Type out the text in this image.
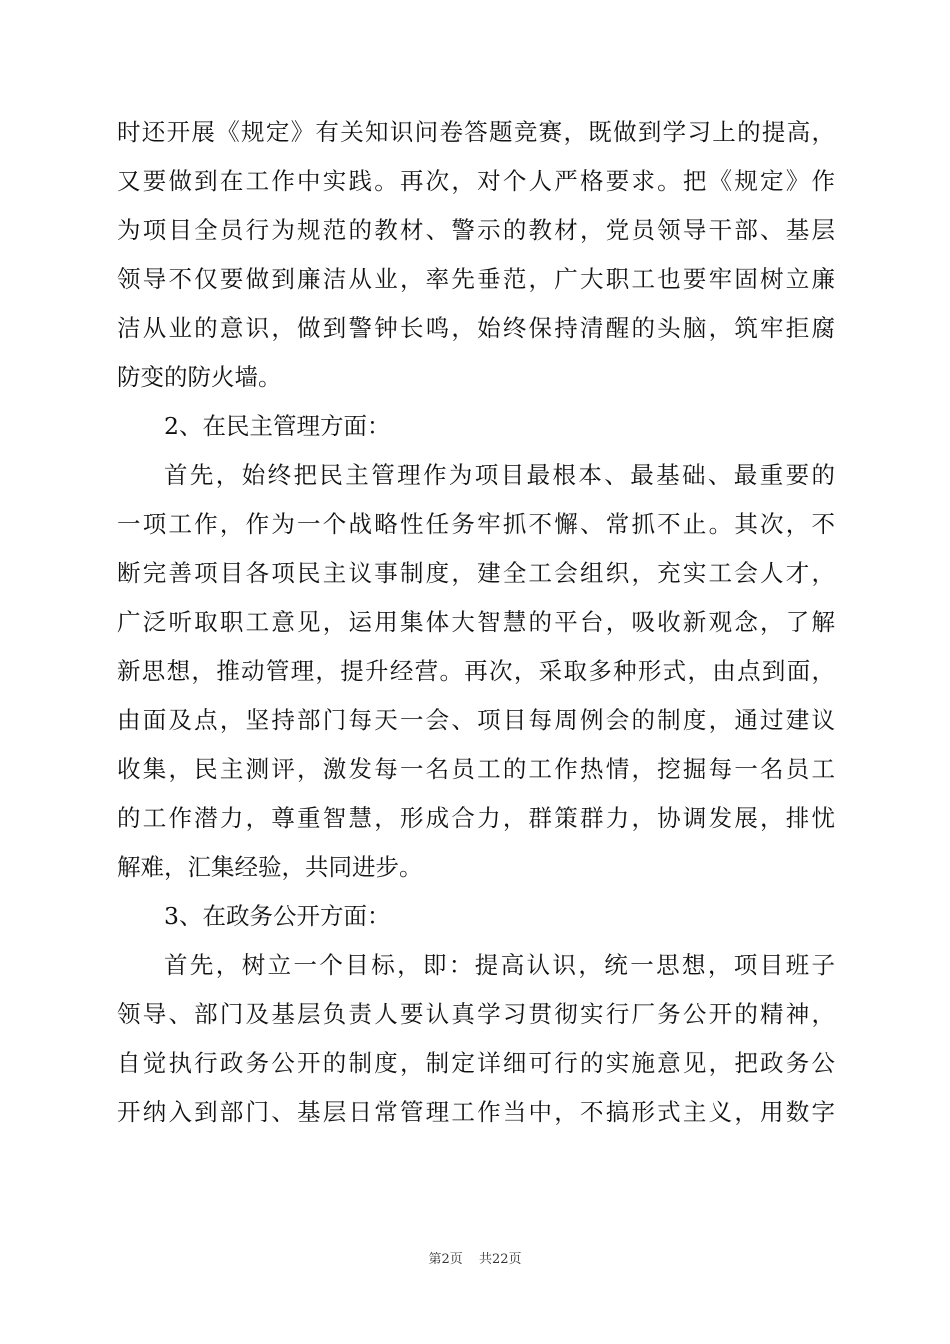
时还开展《规定》有关知识问卷答题竞赛，既做到学习上的提高，
又要做到在工作中实践。再次，对个人严格要求。把《规定》作
为项目全员行为规范的教材、警示的教材，党员领导干部、基层
领导不仅要做到廉洁从业，率先垂范，广大职工也要牢固树立廉
洁从业的意识，做到警钟长鸣，始终保持清醒的头脑，筑牢拒腐
防变的防火墙。
2、在民主管理方面：
首先，始终把民主管理作为项目最根本、最基础、最重要的
一项工作，作为一个战略性任务牢抓不懈、常抓不止。其次，不
断完善项目各项民主议事制度，建全工会组织，充实工会人才，
广泛听取职工意见，运用集体大智慧的平台，吸收新观念，了解
新思想，推动管理，提升经营。再次，采取多种形式，由点到面，
由面及点，坚持部门每天一会、项目每周例会的制度，通过建议
收集，民主测评，激发每一名员工的工作热情，挖掘每一名员工
的工作潜力，尊重智慧，形成合力，群策群力，协调发展，排忧
解难，汇集经验，共同进步。
3、在政务公开方面：
首先，树立一个目标，即：提高认识，统一思想，项目班子
领导、部门及基层负责人要认真学习贯彻实行厂务公开的精神，
自觉执行政务公开的制度，制定详细可行的实施意见，把政务公
开纳入到部门、基层日常管理工作当中，不搞形式主义，用数字
第2页 共22页
